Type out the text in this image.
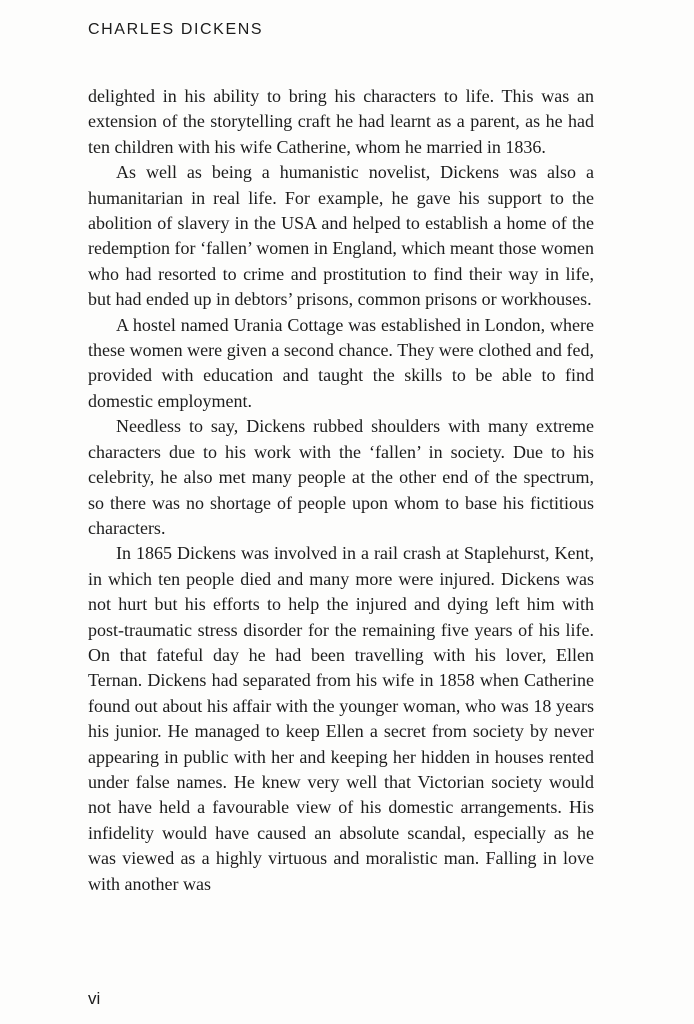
CHARLES DICKENS

delighted in his ability to bring his characters to life. This was an extension of the storytelling craft he had learnt as a parent, as he had ten children with his wife Catherine, whom he married in 1836.

As well as being a humanistic novelist, Dickens was also a humanitarian in real life. For example, he gave his support to the abolition of slavery in the USA and helped to establish a home of the redemption for ‘fallen’ women in England, which meant those women who had resorted to crime and prostitution to find their way in life, but had ended up in debtors’ prisons, common prisons or workhouses.

A hostel named Urania Cottage was established in London, where these women were given a second chance. They were clothed and fed, provided with education and taught the skills to be able to find domestic employment.

Needless to say, Dickens rubbed shoulders with many extreme characters due to his work with the ‘fallen’ in society. Due to his celebrity, he also met many people at the other end of the spectrum, so there was no shortage of people upon whom to base his fictitious characters.

In 1865 Dickens was involved in a rail crash at Staplehurst, Kent, in which ten people died and many more were injured. Dickens was not hurt but his efforts to help the injured and dying left him with post-traumatic stress disorder for the remaining five years of his life. On that fateful day he had been travelling with his lover, Ellen Ternan. Dickens had separated from his wife in 1858 when Catherine found out about his affair with the younger woman, who was 18 years his junior. He managed to keep Ellen a secret from society by never appearing in public with her and keeping her hidden in houses rented under false names. He knew very well that Victorian society would not have held a favourable view of his domestic arrangements. His infidelity would have caused an absolute scandal, especially as he was viewed as a highly virtuous and moralistic man. Falling in love with another was

vi
